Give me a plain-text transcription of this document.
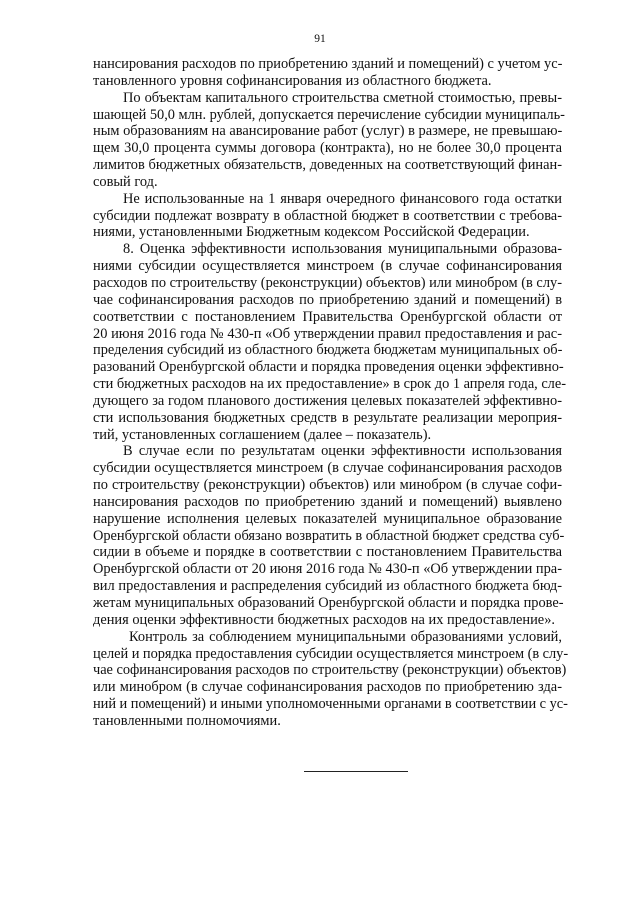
91
нансирования расходов по приобретению зданий и помещений) с учетом ус-
тановленного уровня софинансирования из областного бюджета.
По объектам капитального строительства сметной стоимостью, превы-
шающей 50,0 млн. рублей, допускается перечисление субсидии муниципаль-
ным образованиям на авансирование работ (услуг) в размере, не превышаю-
щем 30,0 процента суммы договора (контракта), но не более 30,0 процента
лимитов бюджетных обязательств, доведенных на соответствующий финан-
совый год.
Не использованные на 1 января очередного финансового года остатки
субсидии подлежат возврату в областной бюджет в соответствии с требова-
ниями, установленными Бюджетным кодексом Российской Федерации.
8. Оценка эффективности использования муниципальными образова-
ниями субсидии осуществляется минстроем (в случае софинансирования
расходов по строительству (реконструкции) объектов) или минобром (в слу-
чае софинансирования расходов по приобретению зданий и помещений) в
соответствии с постановлением Правительства Оренбургской области от
20 июня 2016 года № 430-п «Об утверждении правил предоставления и рас-
пределения субсидий из областного бюджета бюджетам муниципальных об-
разований Оренбургской области и порядка проведения оценки эффективно-
сти бюджетных расходов на их предоставление» в срок до 1 апреля года, сле-
дующего за годом планового достижения целевых показателей эффективно-
сти использования бюджетных средств в результате реализации мероприя-
тий, установленных соглашением (далее – показатель).
В случае если по результатам оценки эффективности использования
субсидии осуществляется минстроем (в случае софинансирования расходов
по строительству (реконструкции) объектов) или минобром (в случае софи-
нансирования расходов по приобретению зданий и помещений) выявлено
нарушение исполнения целевых показателей муниципальное образование
Оренбургской области обязано возвратить в областной бюджет средства суб-
сидии в объеме и порядке в соответствии с постановлением Правительства
Оренбургской области от 20 июня 2016 года № 430-п «Об утверждении пра-
вил предоставления и распределения субсидий из областного бюджета бюд-
жетам муниципальных образований Оренбургской области и порядка прове-
дения оценки эффективности бюджетных расходов на их предоставление».
Контроль за соблюдением муниципальными образованиями условий,
целей и порядка предоставления субсидии осуществляется минстроем (в слу-
чае софинансирования расходов по строительству (реконструкции) объектов)
или минобром (в случае софинансирования расходов по приобретению зда-
ний и помещений) и иными уполномоченными органами в соответствии с ус-
тановленными полномочиями.
